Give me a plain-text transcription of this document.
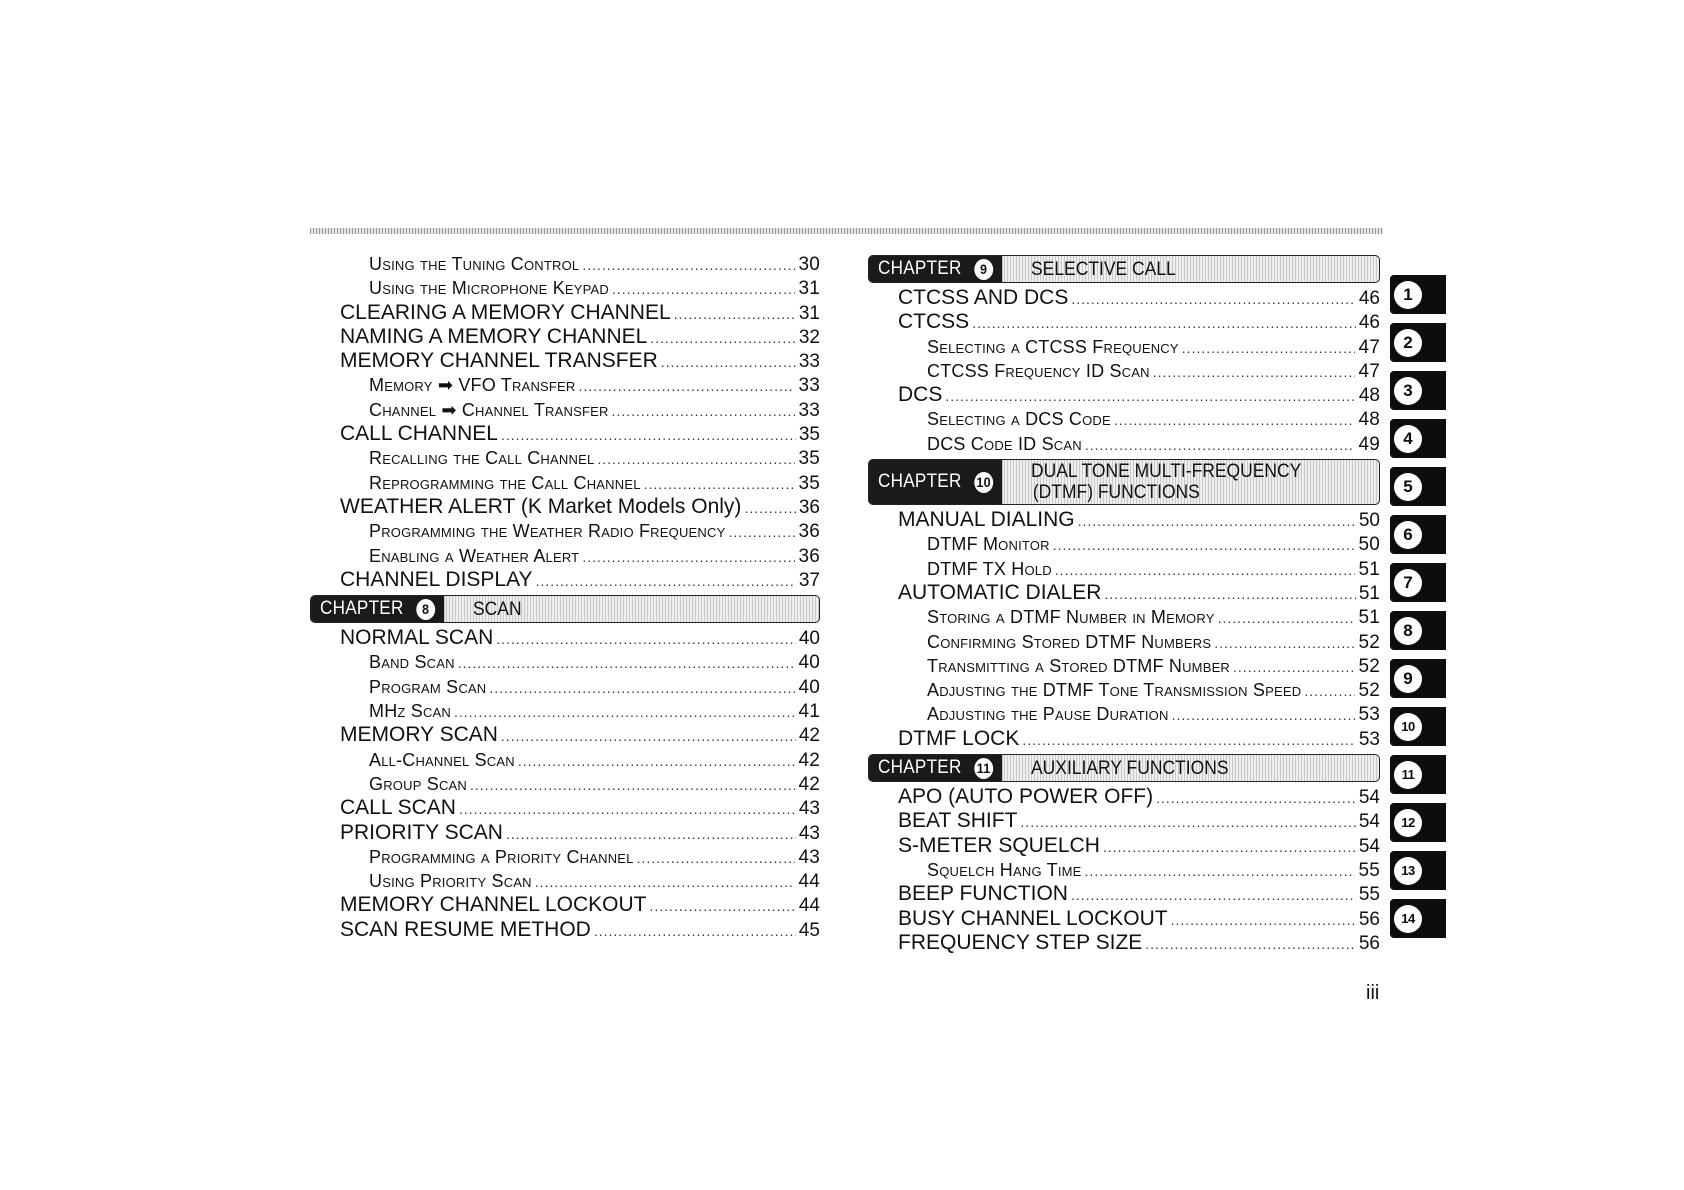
Using the Tuning Control .....	30
Using the Microphone Keypad .....	31
CLEARING A MEMORY CHANNEL .....	31
NAMING A MEMORY CHANNEL .....	32
MEMORY CHANNEL TRANSFER .....	33
Memory ➡ VFO Transfer .....	33
Channel ➡ Channel Transfer .....	33
CALL CHANNEL .....	35
Recalling the Call Channel .....	35
Reprogramming the Call Channel .....	35
WEATHER ALERT (K Market Models Only) .....	36
Programming the Weather Radio Frequency .....	36
Enabling a Weather Alert .....	36
CHANNEL DISPLAY .....	37
CHAPTER	8	SCAN
NORMAL SCAN .....	40
Band Scan .....	40
Program Scan .....	40
MHz Scan .....	41
MEMORY SCAN .....	42
All-Channel Scan .....	42
Group Scan .....	42
CALL SCAN .....	43
PRIORITY SCAN .....	43
Programming a Priority Channel .....	43
Using Priority Scan .....	44
MEMORY CHANNEL LOCKOUT .....	44
SCAN RESUME METHOD .....	45
CHAPTER	9	SELECTIVE CALL
CTCSS AND DCS .....	46
CTCSS .....	46
Selecting a CTCSS Frequency .....	47
CTCSS Frequency ID Scan .....	47
DCS .....	48
Selecting a DCS Code .....	48
DCS Code ID Scan .....	49
CHAPTER 10 DUAL TONE MULTI-FREQUENCY
(DTMF) FUNCTIONS
MANUAL DIALING .....	50
DTMF Monitor .....	50
DTMF TX Hold .....	51
AUTOMATIC DIALER .....	51
Storing a DTMF Number in Memory .....	51
Confirming Stored DTMF Numbers .....	52
Transmitting a Stored DTMF Number .....	52
Adjusting the DTMF Tone Transmission Speed .....	52
Adjusting the Pause Duration .....	53
DTMF LOCK .....	53
CHAPTER 11 AUXILIARY FUNCTIONS
APO (AUTO POWER OFF) .....	54
BEAT SHIFT .....	54
S-METER SQUELCH .....	54
Squelch Hang Time .....	55
BEEP FUNCTION .....	55
BUSY CHANNEL LOCKOUT .....	56
FREQUENCY STEP SIZE .....	56
1
2
3
4
5
6
7
8
9
10
11
12
13
14
iii
